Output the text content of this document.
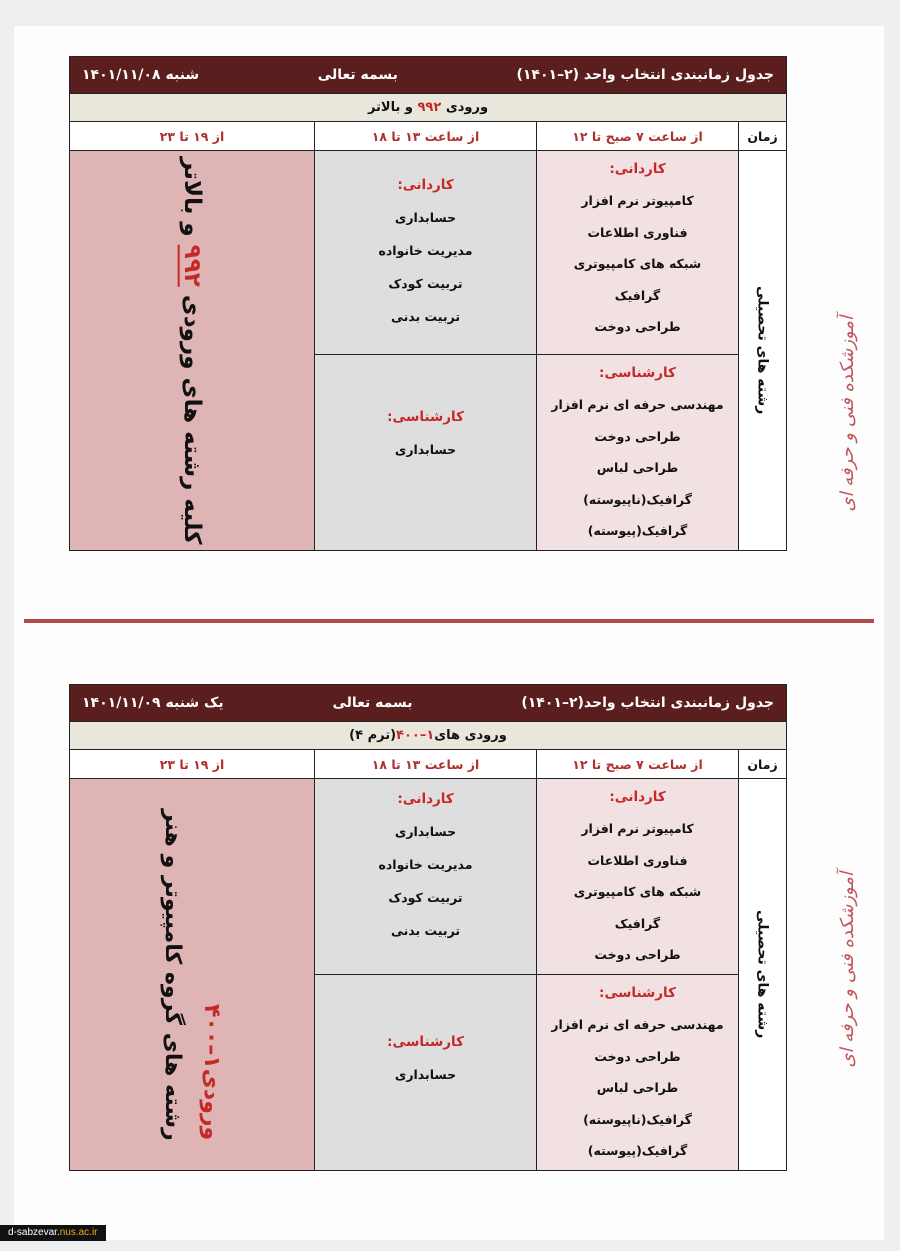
جدول زمانبندی انتخاب واحد (۲–۱۴۰۱)
بسمه تعالی
شنبه ۱۴۰۱/۱۱/۰۸
ورودی

۹۹۲

و بالاتر
زمان
از ساعت ۷ صبح تا ۱۲
از ساعت ۱۳ تا ۱۸
از ۱۹ تا ۲۳
رشته های تحصیلی
کاردانی:
کامپیوتر نرم افزار
فناوری اطلاعات
شبکه های کامپیوتری
گرافیک
طراحی دوخت
کارشناسی:
مهندسی حرفه ای نرم افزار
طراحی دوخت
طراحی لباس
گرافیک(ناپیوسته)
گرافیک(پیوسته)
کاردانی:
حسابداری
مدیریت خانواده
تربیت کودک
تربیت بدنی
کارشناسی:
حسابداری
کلیه رشته های ورودی ۹۹۲ و بالاتر
جدول زمانبندی انتخاب واحد(۲–۱۴۰۱)
بسمه تعالی
یک شنبه ۱۴۰۱/۱۱/۰۹
ورودی های
۱–۴۰۰
(ترم ۴)
زمان
از ساعت ۷ صبح تا ۱۲
از ساعت ۱۳ تا ۱۸
از ۱۹ تا ۲۳
رشته های تحصیلی
کاردانی:
کامپیوتر نرم افزار
فناوری اطلاعات
شبکه های کامپیوتری
گرافیک
طراحی دوخت
کارشناسی:
مهندسی حرفه ای نرم افزار
طراحی دوخت
طراحی لباس
گرافیک(ناپیوسته)
گرافیک(پیوسته)
کاردانی:
حسابداری
مدیریت خانواده
تربیت کودک
تربیت بدنی
کارشناسی:
حسابداری
رشته های گروه کامپیوتر و هنر ورودی۱–۴۰۰
آموزشکده فنی و حرفه ای
آموزشکده فنی و حرفه ای
d-sabzevar.nus.ac.ir
